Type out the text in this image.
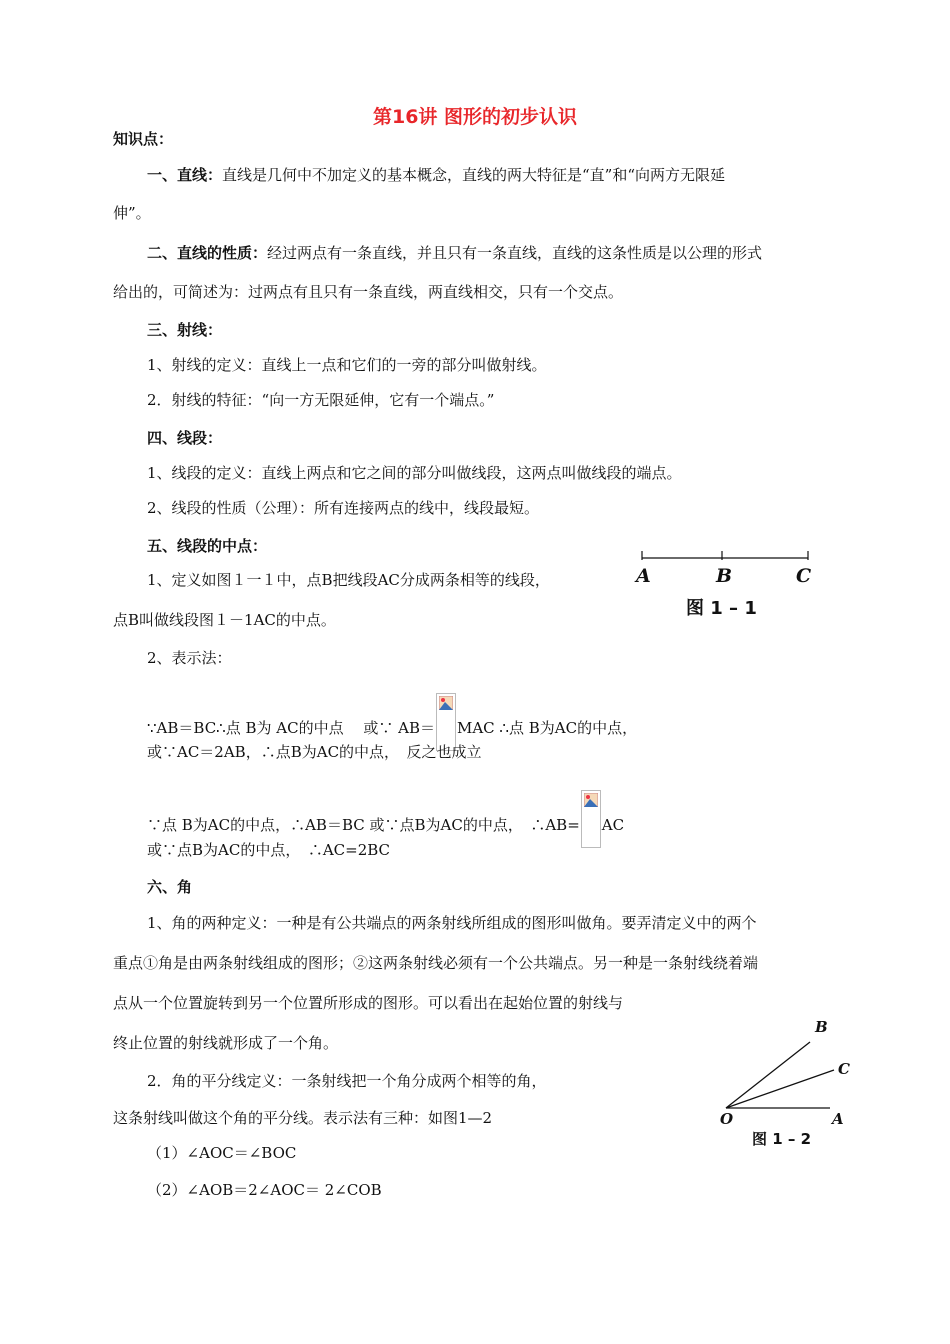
第16讲 图形的初步认识
知识点：
一、直线：直线是几何中不加定义的基本概念，直线的两大特征是“直”和“向两方无限延
伸”。
二、直线的性质：经过两点有一条直线，并且只有一条直线，直线的这条性质是以公理的形式
给出的，可简述为：过两点有且只有一条直线，两直线相交，只有一个交点。
三、射线：
1、射线的定义：直线上一点和它们的一旁的部分叫做射线。
2．射线的特征：“向一方无限延伸，它有一个端点。”
四、线段：
1、线段的定义：直线上两点和它之间的部分叫做线段，这两点叫做线段的端点。
2、线段的性质（公理）：所有连接两点的线中，线段最短。
五、线段的中点：
1、定义如图１一１中，点B把线段AC分成两条相等的线段，
点B叫做线段图１－1AC的中点。
2、表示法：
∵AB＝BC∴点 B为 AC的中点　 或∵ AB＝ MAC ∴点 B为AC的中点，
或∵AC＝2AB，∴点B为AC的中点，　反之也成立
∵点 B为AC的中点，∴AB＝BC 或∵点B为AC的中点，　∴AB= AC
或∵点B为AC的中点，　∴AC=2BC
A	B	C
图 1 – 1
六、角
1、角的两种定义：一种是有公共端点的两条射线所组成的图形叫做角。要弄清定义中的两个
重点①角是由两条射线组成的图形；②这两条射线必须有一个公共端点。另一种是一条射线绕着端
点从一个位置旋转到另一个位置所形成的图形。可以看出在起始位置的射线与
终止位置的射线就形成了一个角。
2．角的平分线定义：一条射线把一个角分成两个相等的角，
这条射线叫做这个角的平分线。表示法有三种：如图1—2
（1）∠AOC＝∠BOC
（2）∠AOB＝2∠AOC＝ 2∠COB
O	A
B
C
图 1 – 2
